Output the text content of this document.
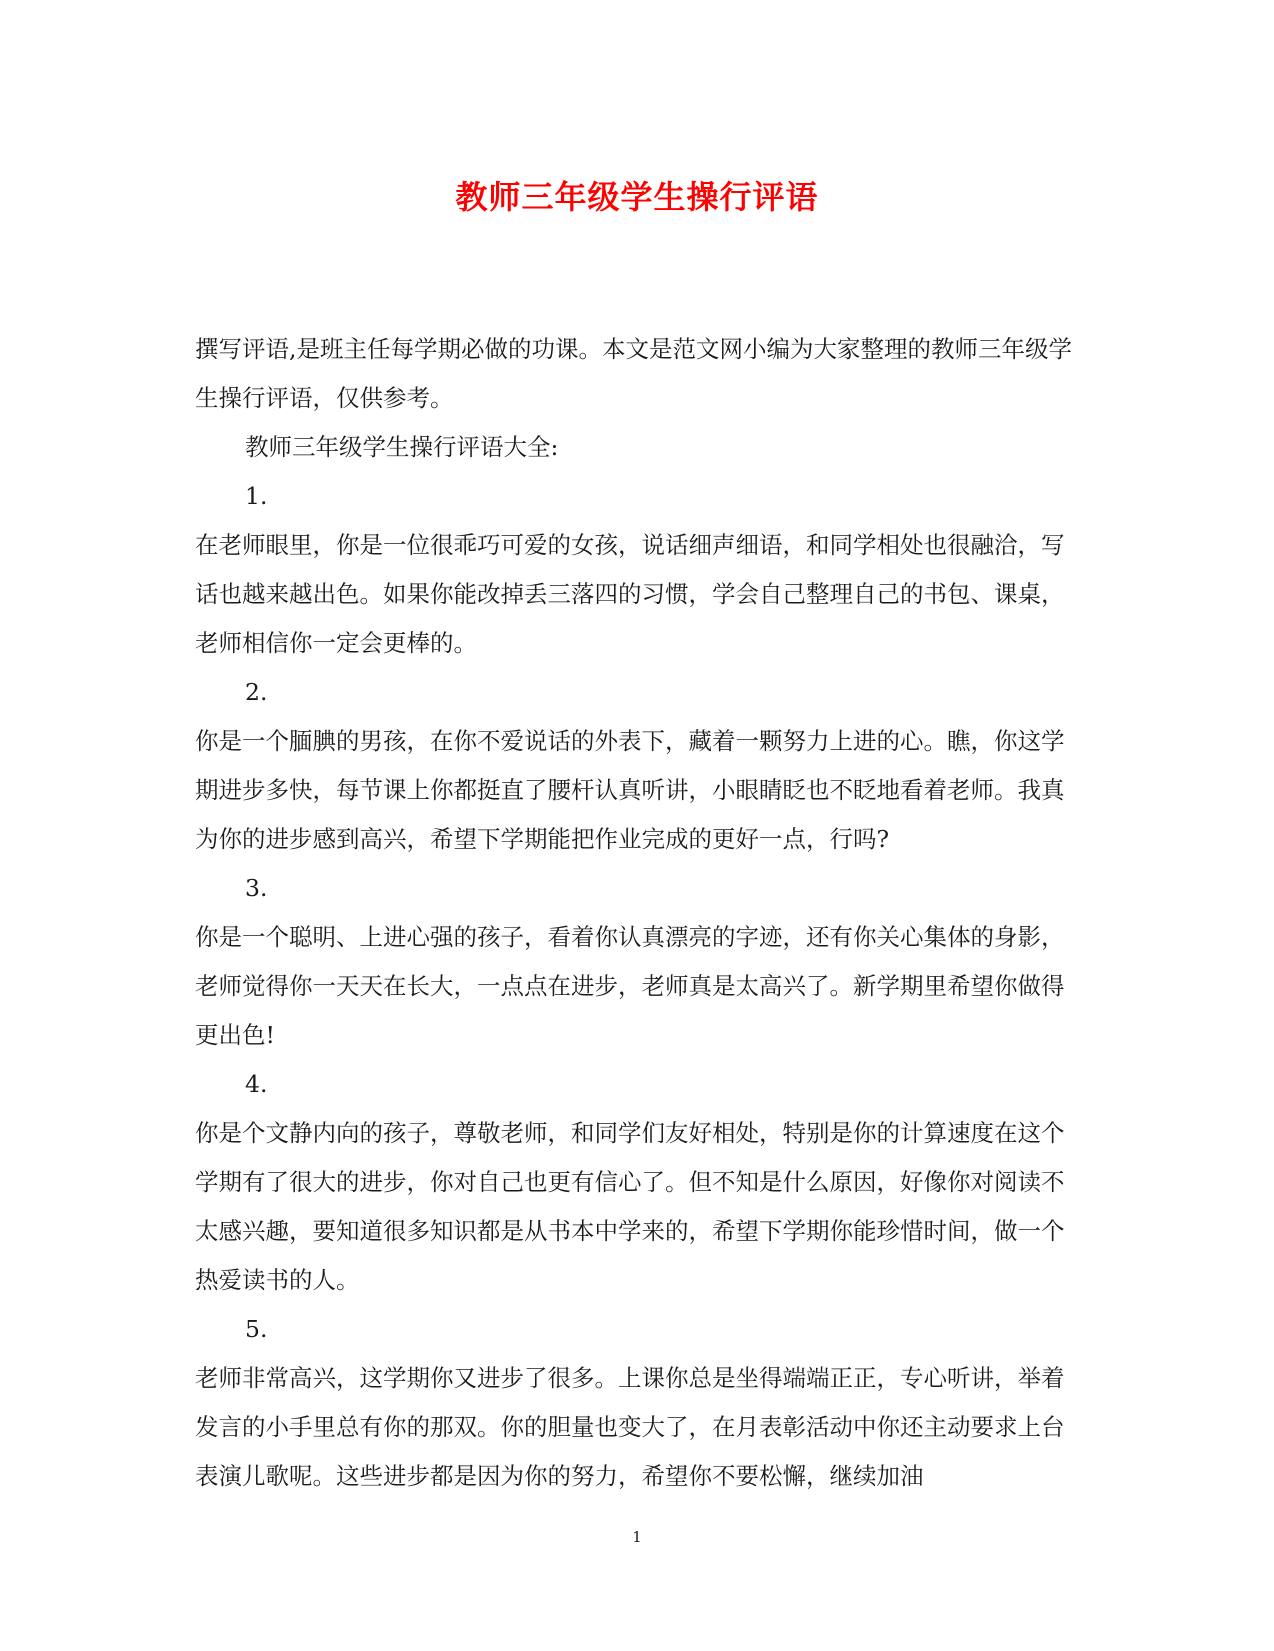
教师三年级学生操行评语

撰写评语,是班主任每学期必做的功课。本文是范文网小编为大家整理的教师三年级学生操行评语，仅供参考。

教师三年级学生操行评语大全:

1.

在老师眼里，你是一位很乖巧可爱的女孩，说话细声细语，和同学相处也很融洽，写话也越来越出色。如果你能改掉丢三落四的习惯，学会自己整理自己的书包、课桌，老师相信你一定会更棒的。

2.

你是一个腼腆的男孩，在你不爱说话的外表下，藏着一颗努力上进的心。瞧，你这学期进步多快，每节课上你都挺直了腰杆认真听讲，小眼睛眨也不眨地看着老师。我真为你的进步感到高兴，希望下学期能把作业完成的更好一点，行吗?

3.

你是一个聪明、上进心强的孩子，看着你认真漂亮的字迹，还有你关心集体的身影，老师觉得你一天天在长大，一点点在进步，老师真是太高兴了。新学期里希望你做得更出色!

4.

你是个文静内向的孩子，尊敬老师，和同学们友好相处，特别是你的计算速度在这个学期有了很大的进步，你对自己也更有信心了。但不知是什么原因，好像你对阅读不太感兴趣，要知道很多知识都是从书本中学来的，希望下学期你能珍惜时间，做一个热爱读书的人。

5.

老师非常高兴，这学期你又进步了很多。上课你总是坐得端端正正，专心听讲，举着发言的小手里总有你的那双。你的胆量也变大了，在月表彰活动中你还主动要求上台表演儿歌呢。这些进步都是因为你的努力，希望你不要松懈，继续加油

1
